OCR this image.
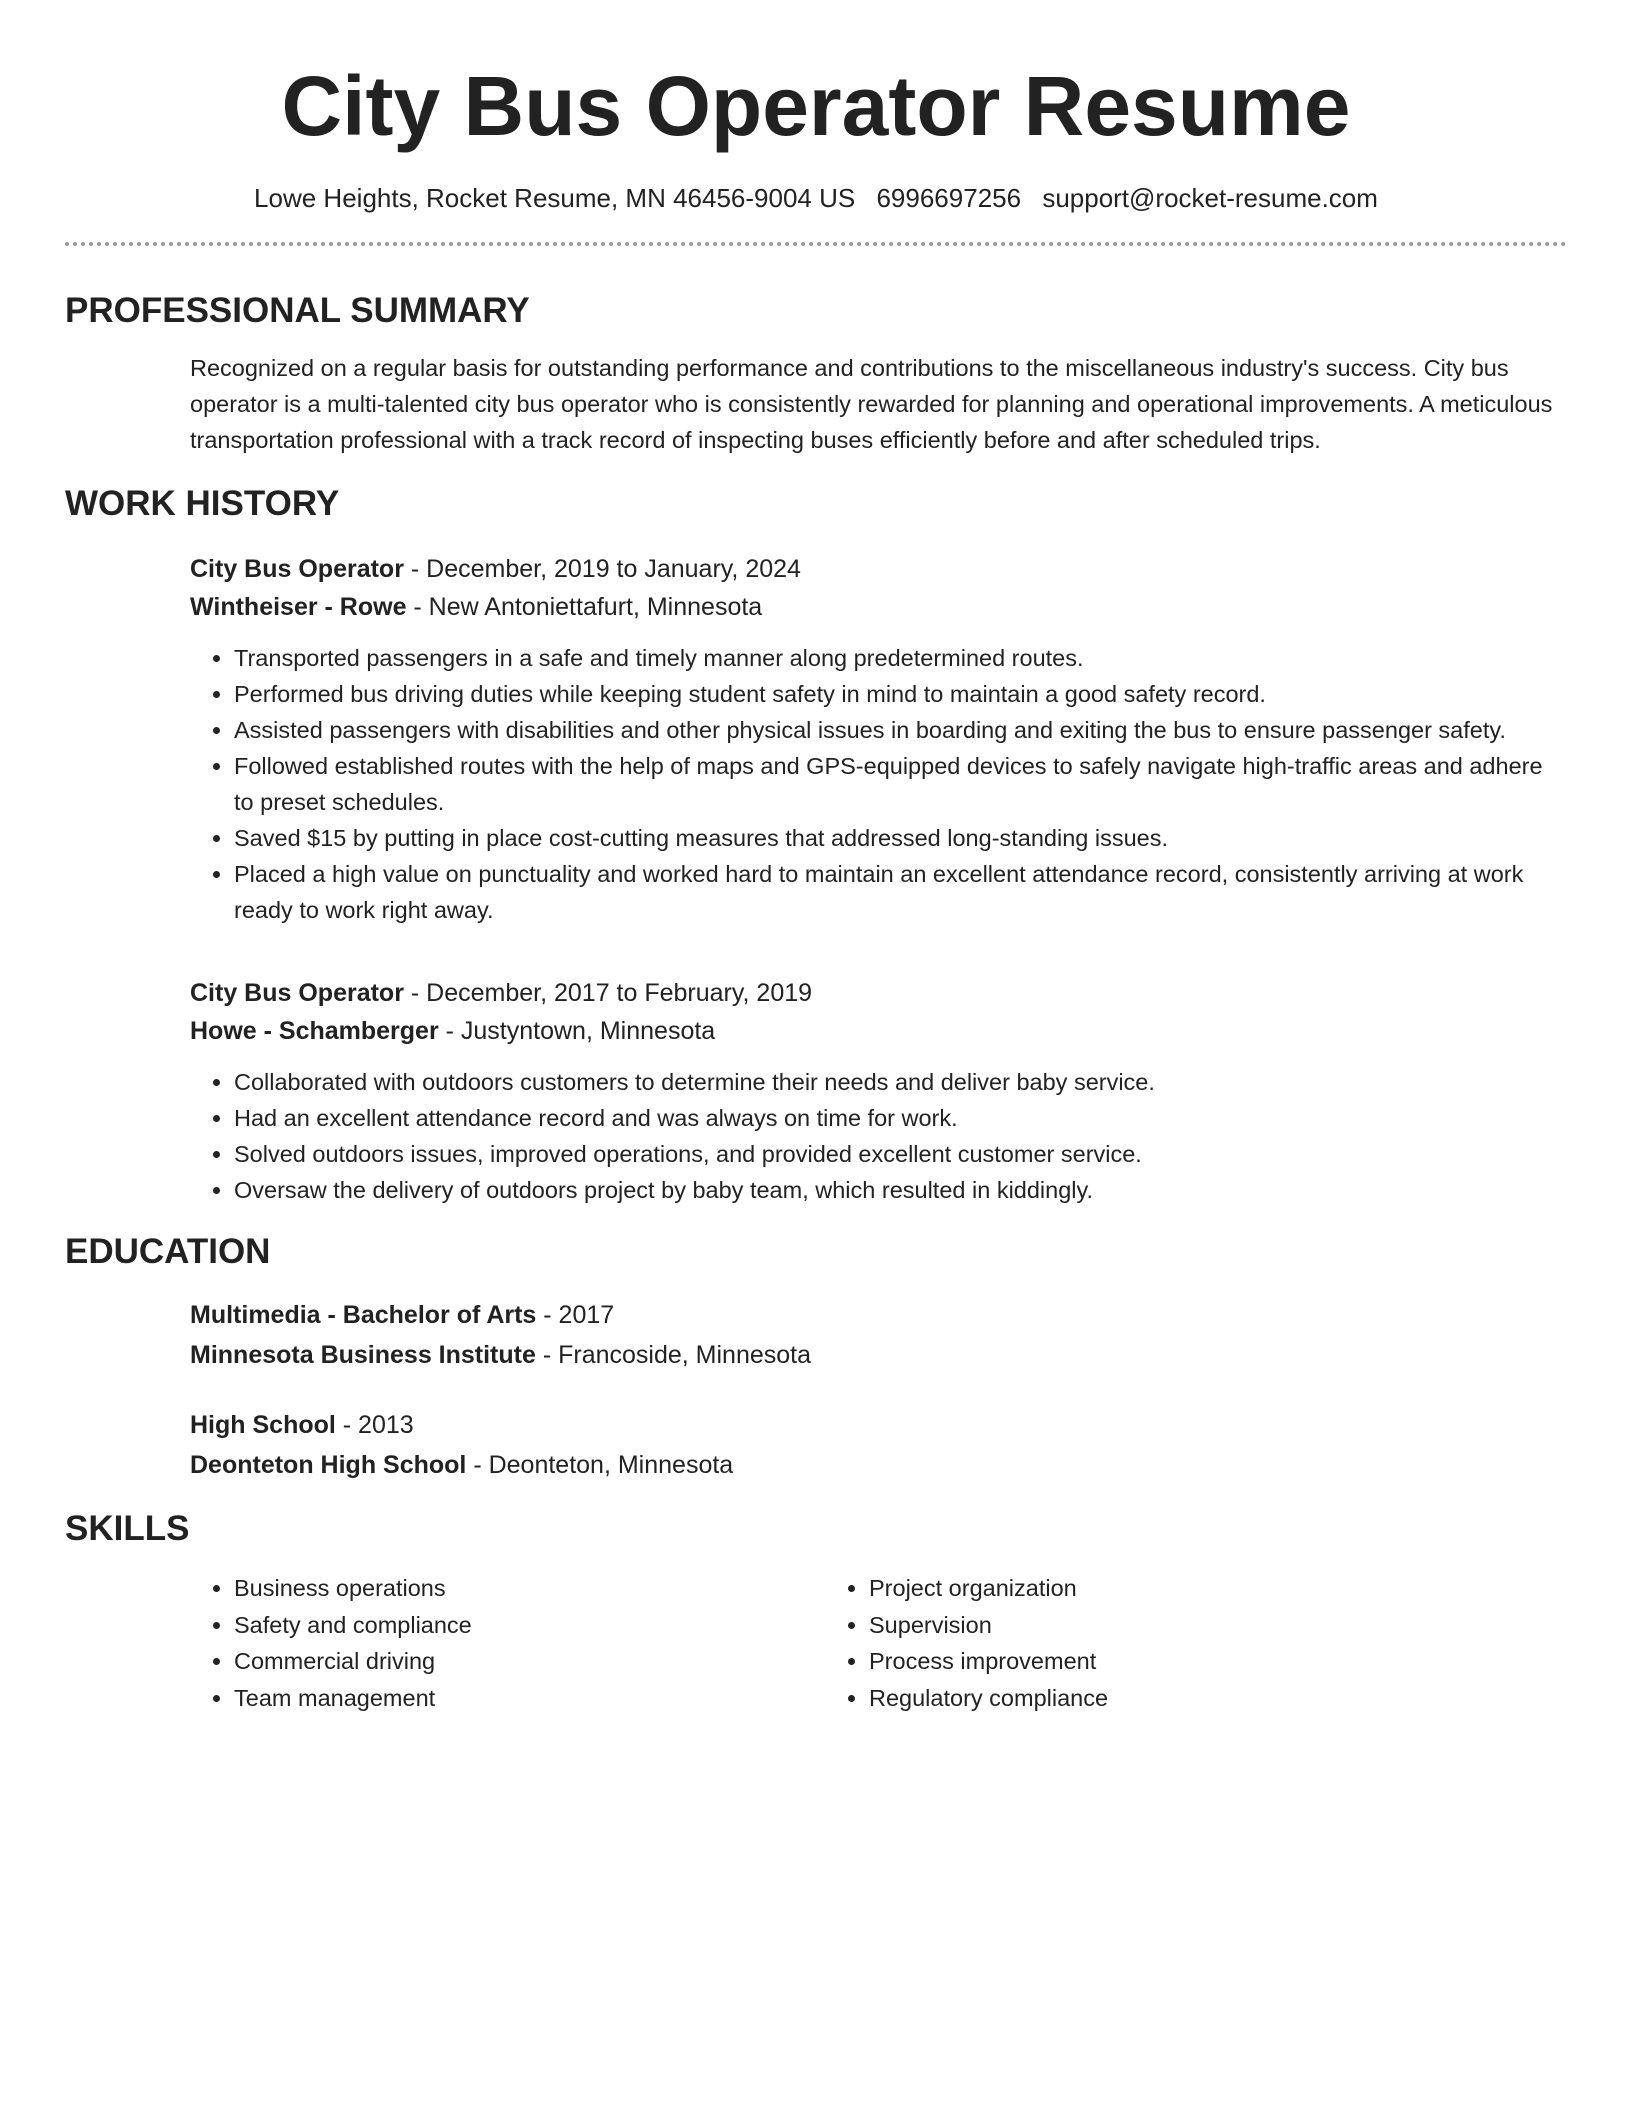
City Bus Operator Resume
Lowe Heights, Rocket Resume, MN 46456-9004 US 6996697256 support@rocket-resume.com
PROFESSIONAL SUMMARY
Recognized on a regular basis for outstanding performance and contributions to the miscellaneous industry's success. City bus operator is a multi-talented city bus operator who is consistently rewarded for planning and operational improvements. A meticulous transportation professional with a track record of inspecting buses efficiently before and after scheduled trips.
WORK HISTORY
City Bus Operator - December, 2019 to January, 2024
Wintheiser - Rowe - New Antoniettafurt, Minnesota
• Transported passengers in a safe and timely manner along predetermined routes.
• Performed bus driving duties while keeping student safety in mind to maintain a good safety record.
• Assisted passengers with disabilities and other physical issues in boarding and exiting the bus to ensure passenger safety.
• Followed established routes with the help of maps and GPS-equipped devices to safely navigate high-traffic areas and adhere to preset schedules.
• Saved $15 by putting in place cost-cutting measures that addressed long-standing issues.
• Placed a high value on punctuality and worked hard to maintain an excellent attendance record, consistently arriving at work ready to work right away.
City Bus Operator - December, 2017 to February, 2019
Howe - Schamberger - Justyntown, Minnesota
• Collaborated with outdoors customers to determine their needs and deliver baby service.
• Had an excellent attendance record and was always on time for work.
• Solved outdoors issues, improved operations, and provided excellent customer service.
• Oversaw the delivery of outdoors project by baby team, which resulted in kiddingly.
EDUCATION
Multimedia - Bachelor of Arts - 2017
Minnesota Business Institute - Francoside, Minnesota
High School - 2013
Deonteton High School - Deonteton, Minnesota
SKILLS
• Business operations
• Safety and compliance
• Commercial driving
• Team management
• Project organization
• Supervision
• Process improvement
• Regulatory compliance
